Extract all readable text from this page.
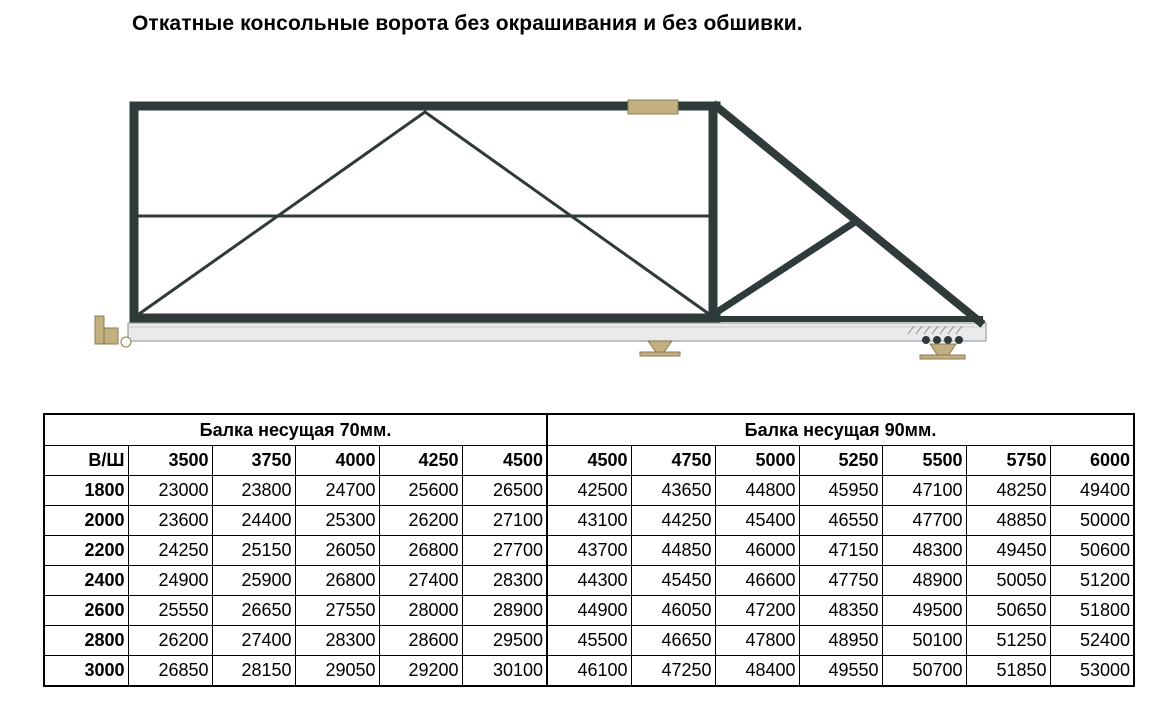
Откатные консольные ворота без окрашивания и без обшивки.
Балка несущая 70мм.						Балка несущая 90мм.						
В/Ш	3500	3750	4000	4250	4500	4500	4750	5000	5250	5500	5750	6000
1800	23000	23800	24700	25600	26500	42500	43650	44800	45950	47100	48250	49400
2000	23600	24400	25300	26200	27100	43100	44250	45400	46550	47700	48850	50000
2200	24250	25150	26050	26800	27700	43700	44850	46000	47150	48300	49450	50600
2400	24900	25900	26800	27400	28300	44300	45450	46600	47750	48900	50050	51200
2600	25550	26650	27550	28000	28900	44900	46050	47200	48350	49500	50650	51800
2800	26200	27400	28300	28600	29500	45500	46650	47800	48950	50100	51250	52400
3000	26850	28150	29050	29200	30100	46100	47250	48400	49550	50700	51850	53000
